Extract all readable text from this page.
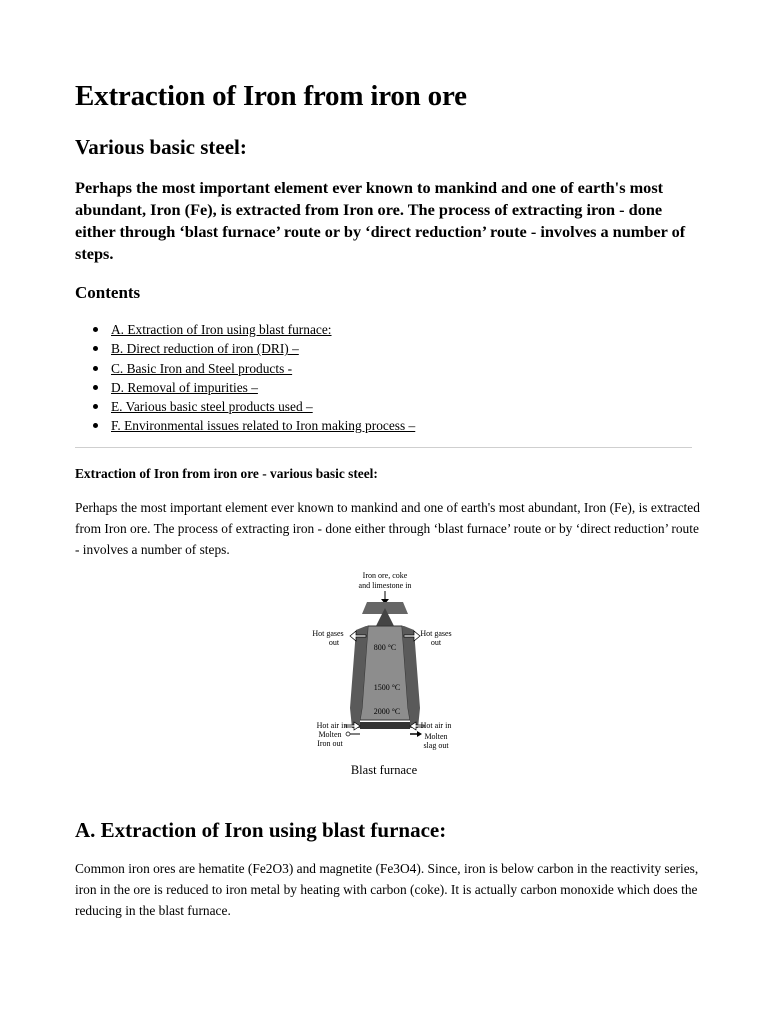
Extraction of Iron from iron ore
Various basic steel:

Perhaps the most important element ever known to mankind and one of earth's most abundant, Iron (Fe), is extracted from Iron ore. The process of extracting iron - done either through ‘blast furnace’ route or by ‘direct reduction’ route - involves a number of steps.

Contents
A. Extraction of Iron using blast furnace:
B. Direct reduction of iron (DRI) –
C. Basic Iron and Steel products -
D. Removal of impurities –
E. Various basic steel products used –
F. Environmental issues related to Iron making process –
Extraction of Iron from iron ore - various basic steel:

Perhaps the most important element ever known to mankind and one of earth's most abundant, Iron (Fe), is extracted from Iron ore. The process of extracting iron - done either through ‘blast furnace’ route or by ‘direct reduction’ route - involves a number of steps.

Iron ore, coke
and limestone in
800 °C
1500 °C
2000 °C
Hot gases
out
Hot gases
out
Hot air in	Hot air in
Molten
Iron out
Molten
slag out
Blast furnace
A. Extraction of Iron using blast furnace:

Common iron ores are hematite (Fe2O3) and magnetite (Fe3O4). Since, iron is below carbon in the reactivity series, iron in the ore is reduced to iron metal by heating with carbon (coke). It is actually carbon monoxide which does the reducing in the blast furnace.
